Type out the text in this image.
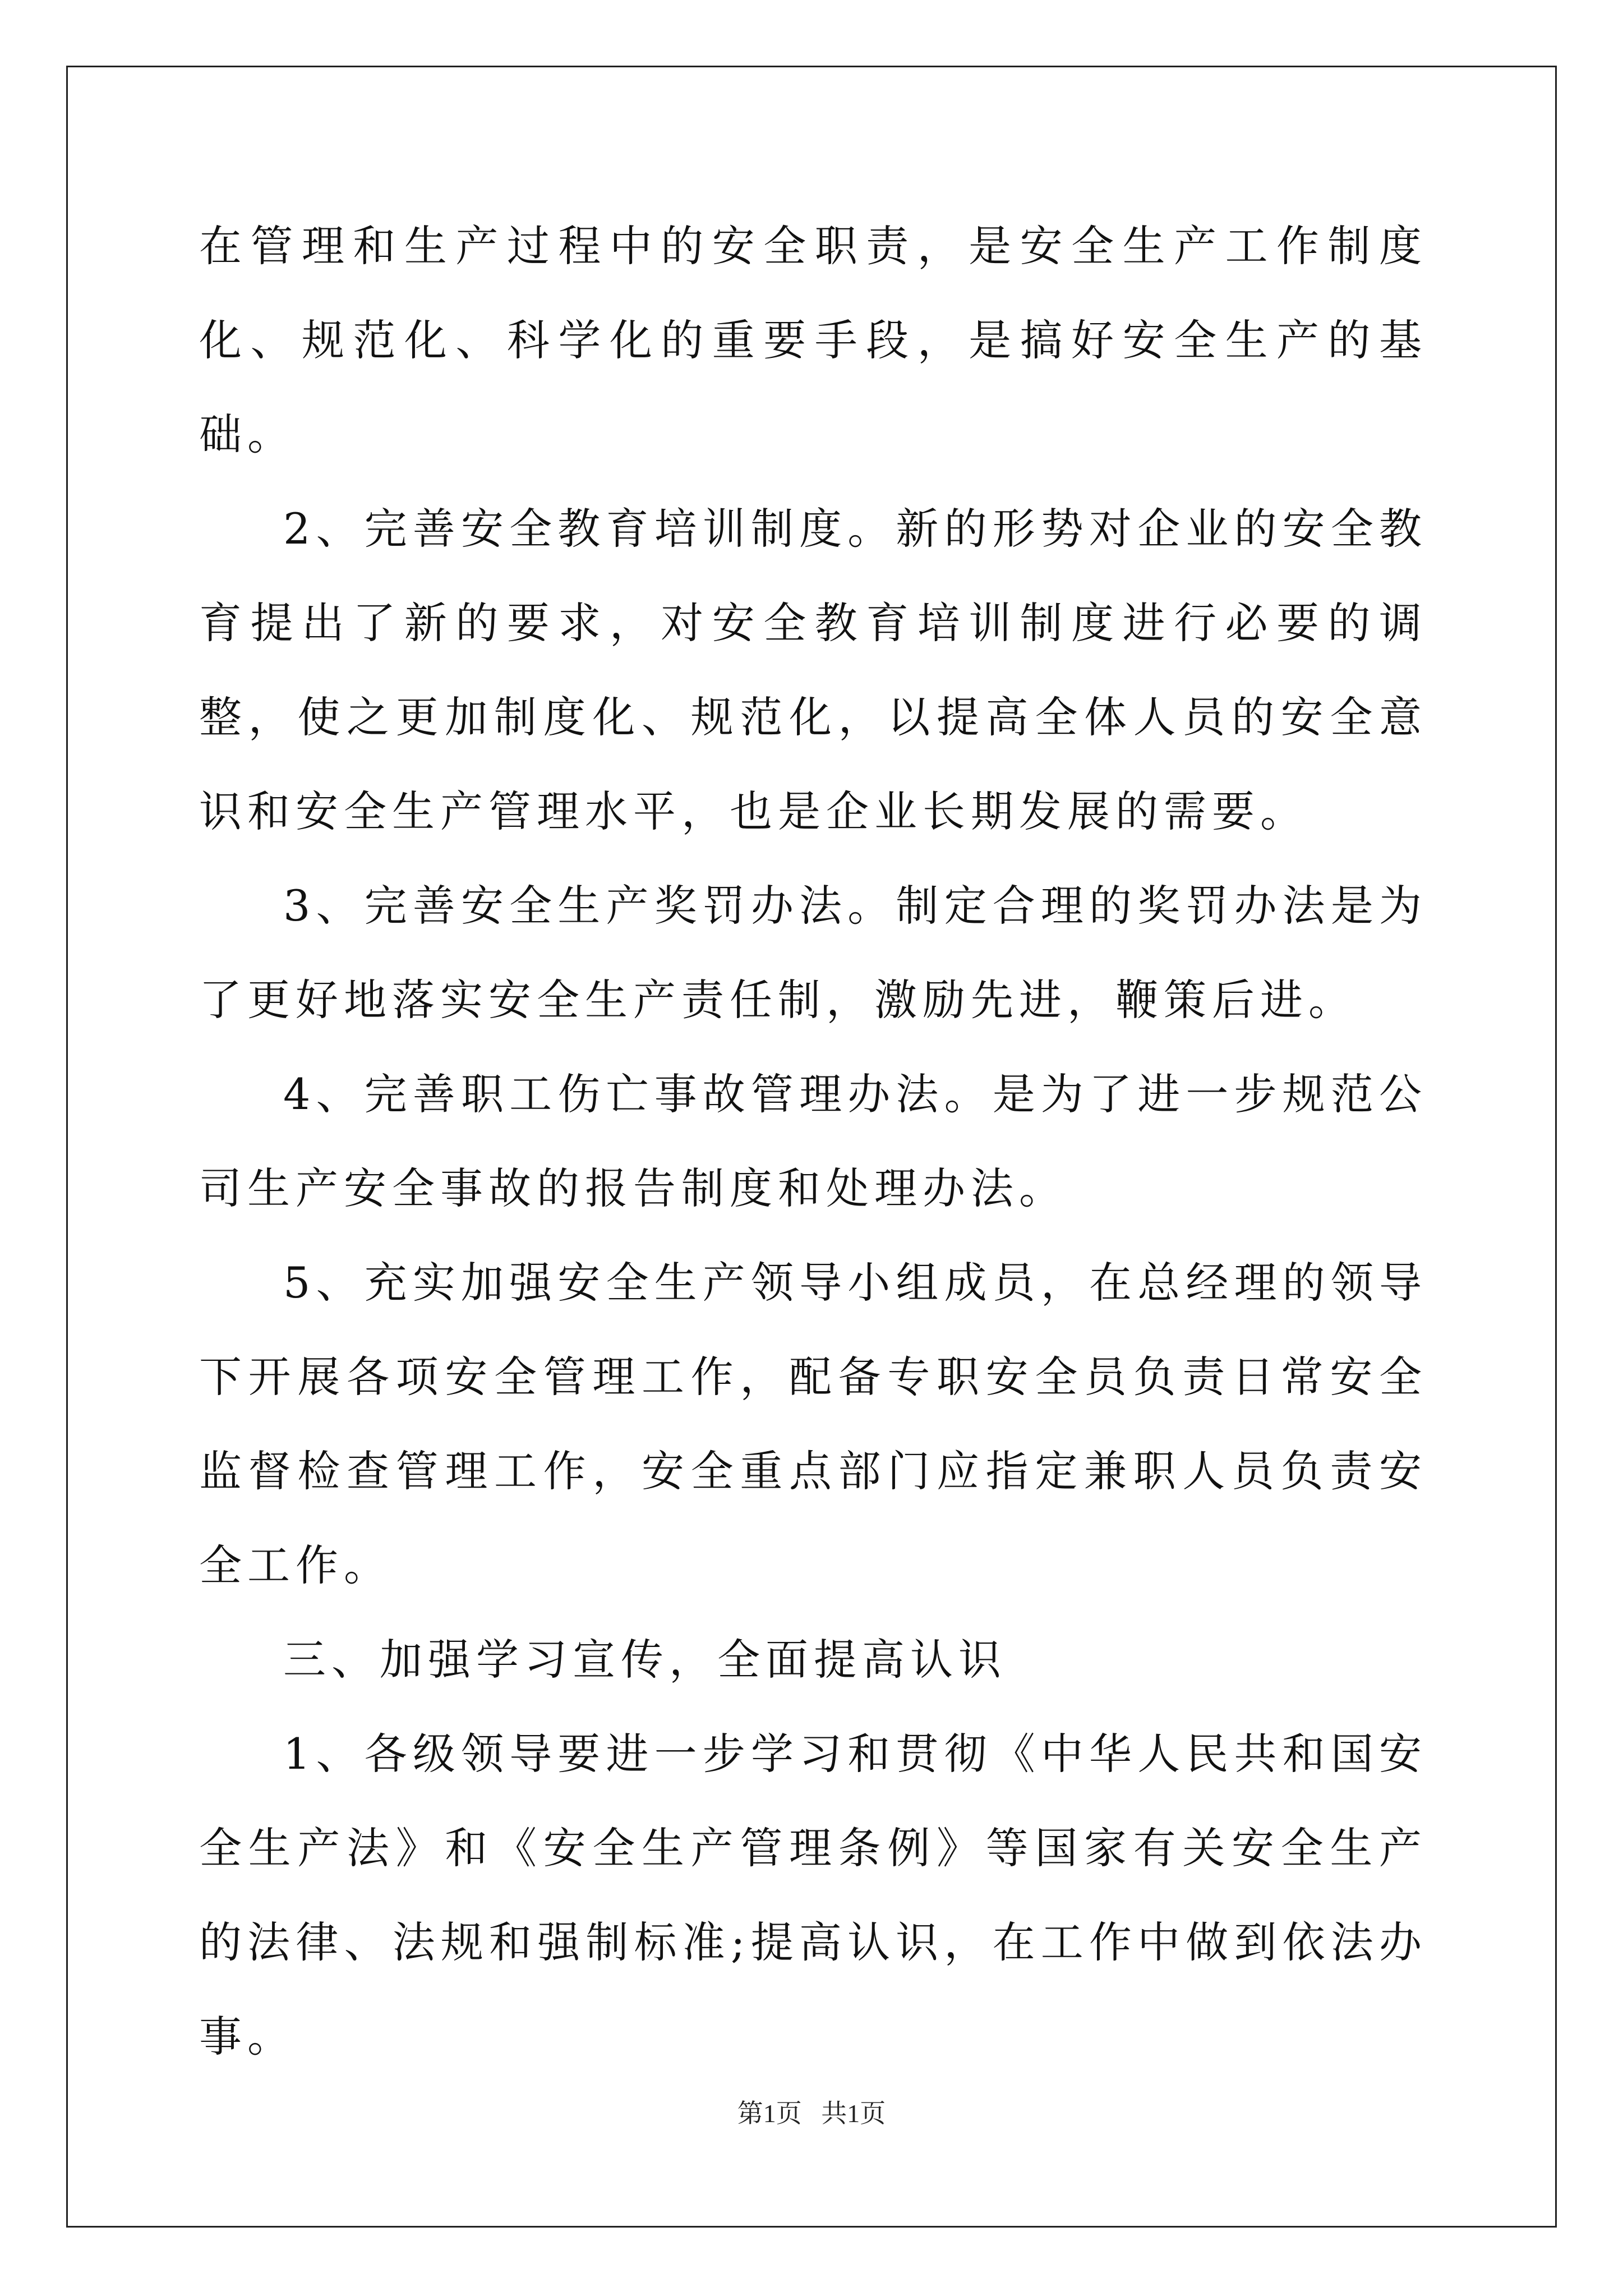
在管理和生产过程中的安全职责，是安全生产工作制度化、规范化、科学化的重要手段，是搞好安全生产的基础。

2、完善安全教育培训制度。新的形势对企业的安全教育提出了新的要求，对安全教育培训制度进行必要的调整，使之更加制度化、规范化，以提高全体人员的安全意识和安全生产管理水平，也是企业长期发展的需要。

3、完善安全生产奖罚办法。制定合理的奖罚办法是为了更好地落实安全生产责任制，激励先进，鞭策后进。

4、完善职工伤亡事故管理办法。是为了进一步规范公司生产安全事故的报告制度和处理办法。

5、充实加强安全生产领导小组成员，在总经理的领导下开展各项安全管理工作，配备专职安全员负责日常安全监督检查管理工作，安全重点部门应指定兼职人员负责安全工作。

三、加强学习宣传，全面提高认识

1、各级领导要进一步学习和贯彻《中华人民共和国安全生产法》和《安全生产管理条例》等国家有关安全生产的法律、法规和强制标准;提高认识，在工作中做到依法办事。

第1页   共1页
